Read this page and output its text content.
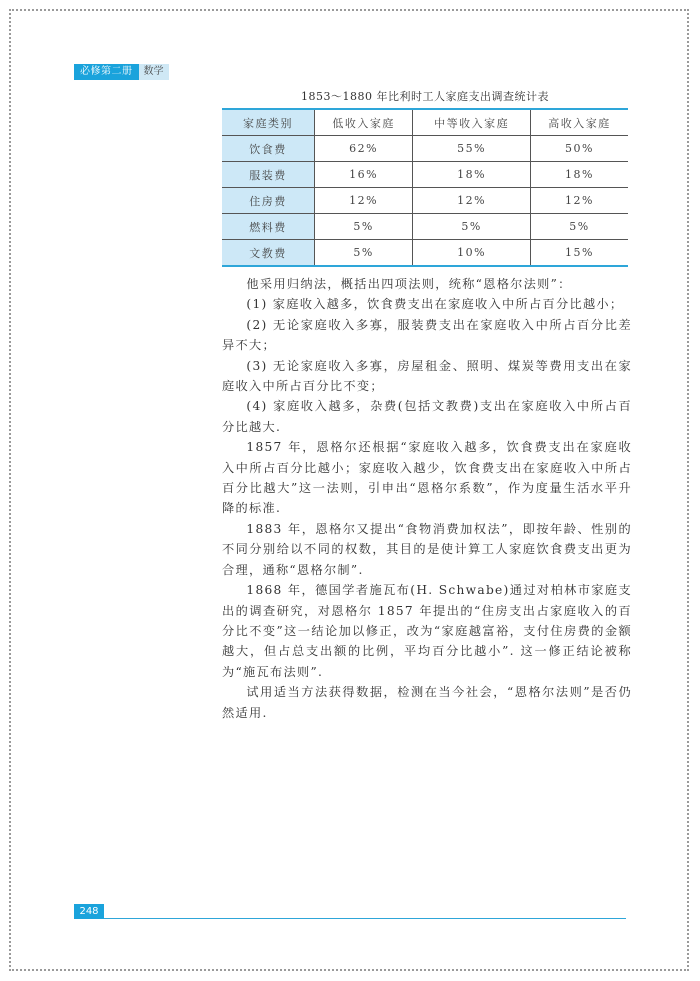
必修第二册	数学
1853～1880 年比利时工人家庭支出调查统计表
家庭类别	低收入家庭	中等收入家庭	高收入家庭
饮食费	62%	55%	50%
服装费	16%	18%	18%
住房费	12%	12%	12%
燃料费	5%	5%	5%
文教费	5%	10%	15%

他采用归纳法，概括出四项法则，统称“恩格尔法则”：

(1) 家庭收入越多，饮食费支出在家庭收入中所占百分比越小；

(2) 无论家庭收入多寡，服装费支出在家庭收入中所占百分比差异不大；

(3) 无论家庭收入多寡，房屋租金、照明、煤炭等费用支出在家庭收入中所占百分比不变；

(4) 家庭收入越多，杂费(包括文教费)支出在家庭收入中所占百分比越大.

1857 年，恩格尔还根据“家庭收入越多，饮食费支出在家庭收入中所占百分比越小；家庭收入越少，饮食费支出在家庭收入中所占百分比越大”这一法则，引申出“恩格尔系数”，作为度量生活水平升降的标准.

1883 年，恩格尔又提出“食物消费加权法”，即按年龄、性别的不同分别给以不同的权数，其目的是使计算工人家庭饮食费支出更为合理，通称“恩格尔制”.

1868 年，德国学者施瓦布(H. Schwabe)通过对柏林市家庭支出的调查研究，对恩格尔 1857 年提出的“住房支出占家庭收入的百分比不变”这一结论加以修正，改为“家庭越富裕，支付住房费的金额越大，但占总支出额的比例，平均百分比越小”. 这一修正结论被称为“施瓦布法则”.

试用适当方法获得数据，检测在当今社会，“恩格尔法则”是否仍然适用.

248
